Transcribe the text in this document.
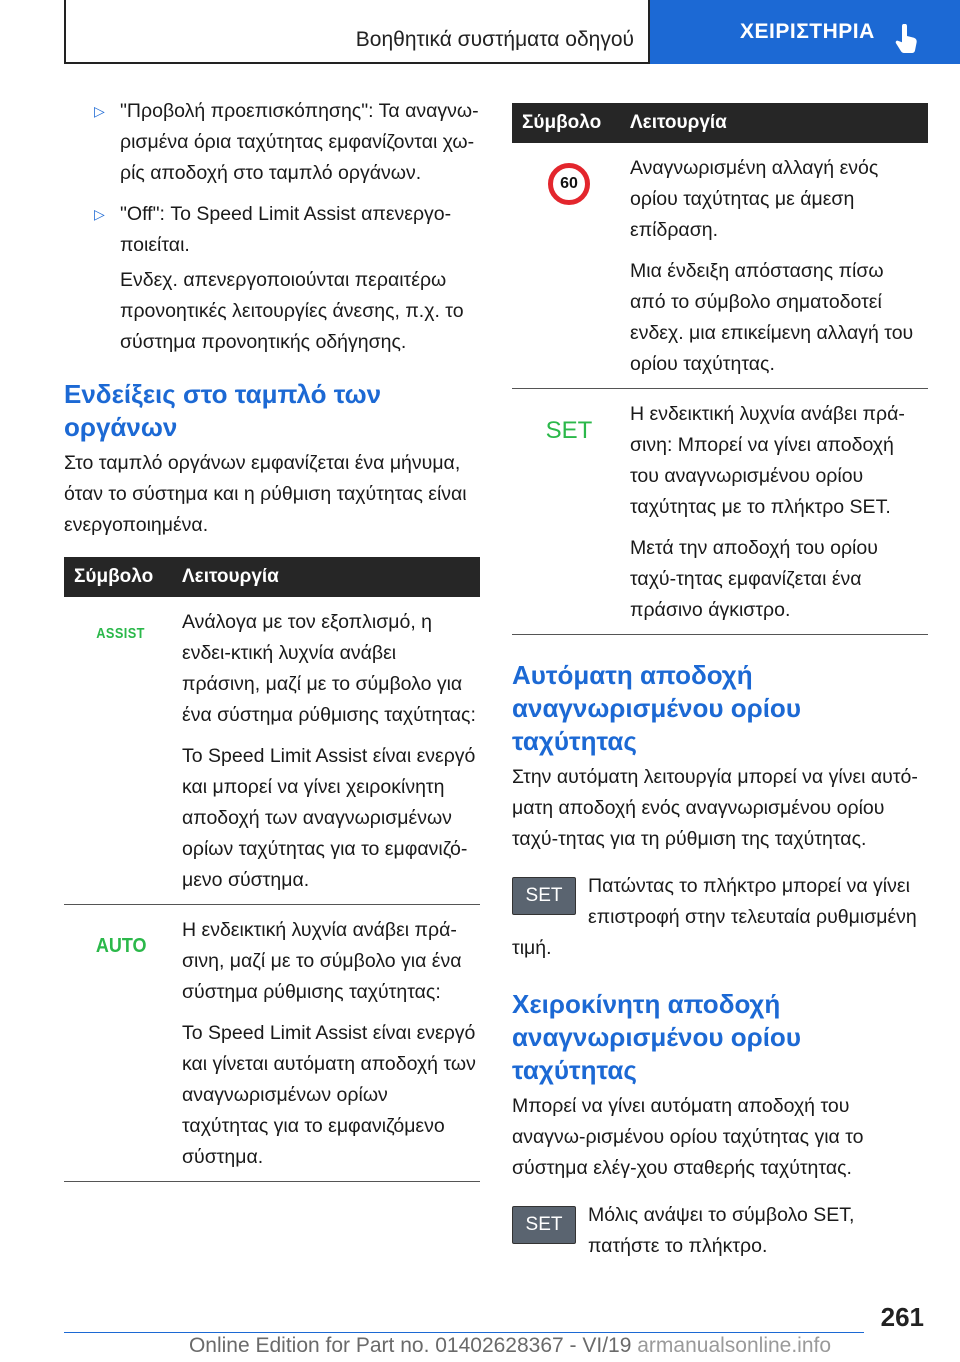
Βοηθητικά συστήματα οδηγού	ΧΕΙΡΙΣΤΗΡΙΑ
▷ "Προβολή προεπισκόπησης": Τα αναγνω-ρισμένα όρια ταχύτητας εμφανίζονται χω-ρίς αποδοχή στο ταμπλό οργάνων.
▷ "Off": Το Speed Limit Assist απενεργο-ποιείται.

Ενδεχ. απενεργοποιούνται περαιτέρω προνοητικές λειτουργίες άνεσης, π.χ. το σύστημα προνοητικής οδήγησης.

Ενδείξεις στο ταμπλό των οργάνων

Στο ταμπλό οργάνων εμφανίζεται ένα μήνυμα, όταν το σύστημα και η ρύθμιση ταχύτητας είναι ενεργοποιημένα.

Σύμβολο	Λειτουργία
ASSIST	Ανάλογα με τον εξοπλισμό, η ενδει-κτική λυχνία ανάβει πράσινη, μαζί με το σύμβολο για ένα σύστημα ρύθμισης ταχύτητας:

Το Speed Limit Assist είναι ενεργό και μπορεί να γίνει χειροκίνητη αποδοχή των αναγνωρισμένων ορίων ταχύτητας για το εμφανιζό-μενο σύστημα.

AUTO	Η ενδεικτική λυχνία ανάβει πρά-σινη, μαζί με το σύμβολο για ένα σύστημα ρύθμισης ταχύτητας:

Το Speed Limit Assist είναι ενεργό και γίνεται αυτόματη αποδοχή των αναγνωρισμένων ορίων ταχύτητας για το εμφανιζόμενο σύστημα.

Σύμβολο	Λειτουργία
60	Αναγνωρισμένη αλλαγή ενός ορίου ταχύτητας με άμεση επίδραση.

Μια ένδειξη απόστασης πίσω από το σύμβολο σηματοδοτεί ενδεχ. μια επικείμενη αλλαγή του ορίου ταχύτητας.

SET	Η ενδεικτική λυχνία ανάβει πρά-σινη: Μπορεί να γίνει αποδοχή του αναγνωρισμένου ορίου ταχύτητας με το πλήκτρο SET.

Μετά την αποδοχή του ορίου ταχύ-τητας εμφανίζεται ένα πράσινο άγκιστρο.

Αυτόματη αποδοχή αναγνωρισμένου ορίου ταχύτητας

Στην αυτόματη λειτουργία μπορεί να γίνει αυτό-ματη αποδοχή ενός αναγνωρισμένου ορίου ταχύ-τητας για τη ρύθμιση της ταχύτητας.

SET	Πατώντας το πλήκτρο μπορεί να γίνει επιστροφή στην τελευταία ρυθμισμένη τιμή.
Χειροκίνητη αποδοχή αναγνωρισμένου ορίου ταχύτητας

Μπορεί να γίνει αυτόματη αποδοχή του αναγνω-ρισμένου ορίου ταχύτητας για το σύστημα ελέγ-χου σταθερής ταχύτητας.

SET	Μόλις ανάψει το σύμβολο SET, πατήστε το πλήκτρο.
261
Online Edition for Part no. 01402628367 - VI/19 armanualsonline.info
